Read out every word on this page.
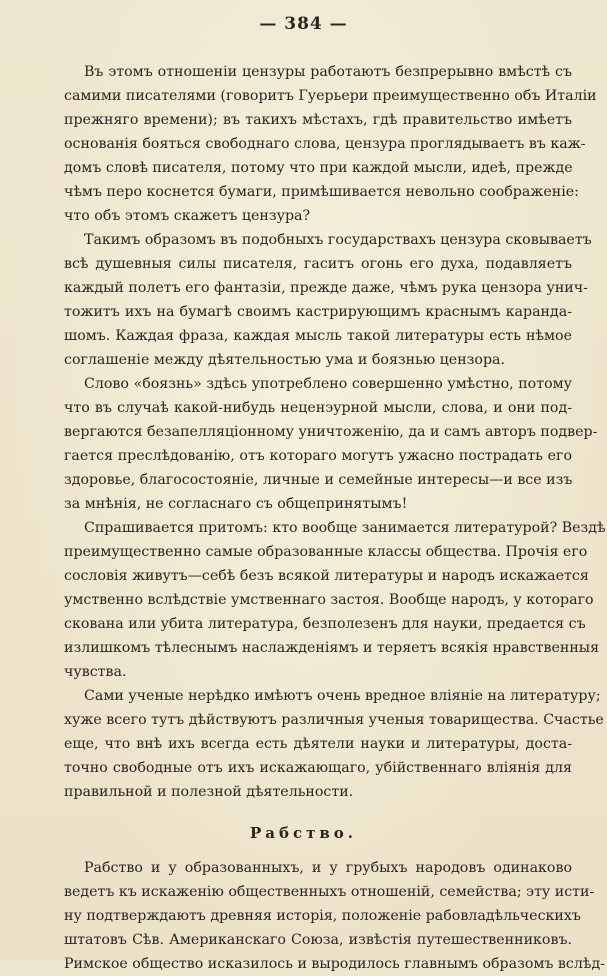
— 384 —
Въ этомъ отношеніи цензуры работаютъ безпрерывно вмѣстѣ съ
самими писателями (говоритъ Гуерьери преимущественно объ Италіи
прежняго времени); въ такихъ мѣстахъ, гдѣ правительство имѣетъ
основанія бояться свободнаго слова, цензура проглядываетъ въ каж-
домъ словѣ писателя, потому что при каждой мысли, идеѣ, прежде
чѣмъ перо коснется бумаги, примѣшивается невольно соображеніе:
что объ этомъ скажетъ цензура?
Такимъ образомъ въ подобныхъ государствахъ цензура сковываетъ
всѣ душевныя силы писателя, гаситъ огонь его духа, подавляетъ
каждый полетъ его фантазіи, прежде даже, чѣмъ рука цензора унич-
тожитъ ихъ на бумагѣ своимъ кастрирующимъ краснымъ каранда-
шомъ. Каждая фраза, каждая мысль такой литературы есть нѣмое
соглашеніе между дѣятельностью ума и боязнью цензора.
Слово «боязнь» здѣсь употреблено совершенно умѣстно, потому
что въ случаѣ какой-нибудь неценэурной мысли, слова, и они под-
вергаются безапелляціонному уничтоженію, да и самъ авторъ подвер-
гается преслѣдованію, отъ котораго могутъ ужасно пострадать его
здоровье, благосостояніе, личные и семейные интересы—и все изъ
за мнѣнія, не согласнаго съ общепринятымъ!
Спрашивается притомъ: кто вообще занимается литературой? Вездѣ
преимущественно самые образованные классы общества. Прочія его
сословія живутъ—себѣ безъ всякой литературы и народъ искажается
умственно вслѣдствіе умственнаго застоя. Вообще народъ, у котораго
скована или убита литература, безполезенъ для науки, предается съ
излишкомъ тѣлеснымъ наслажденіямъ и теряетъ всякія нравственныя
чувства.
Сами ученые нерѣдко имѣютъ очень вредное вліяніе на литературу;
хуже всего тутъ дѣйствуютъ различныя ученыя товарищества. Счастье
еще, что внѣ ихъ всегда есть дѣятели науки и литературы, доста-
точно свободные отъ ихъ искажающаго, убійственнаго вліянія для
правильной и полезной дѣятельности.
Рабство.
Рабство и у образованныхъ, и у грубыхъ народовъ одинаково
ведетъ къ искаженію общественныхъ отношеній, семейства; эту исти-
ну подтверждаютъ древняя исторія, положеніе рабовладѣльческихъ
штатовъ Сѣв. Американскаго Союза, извѣстія путешественниковъ.
Римское общество исказилось и выродилось главнымъ образомъ вслѣд-
